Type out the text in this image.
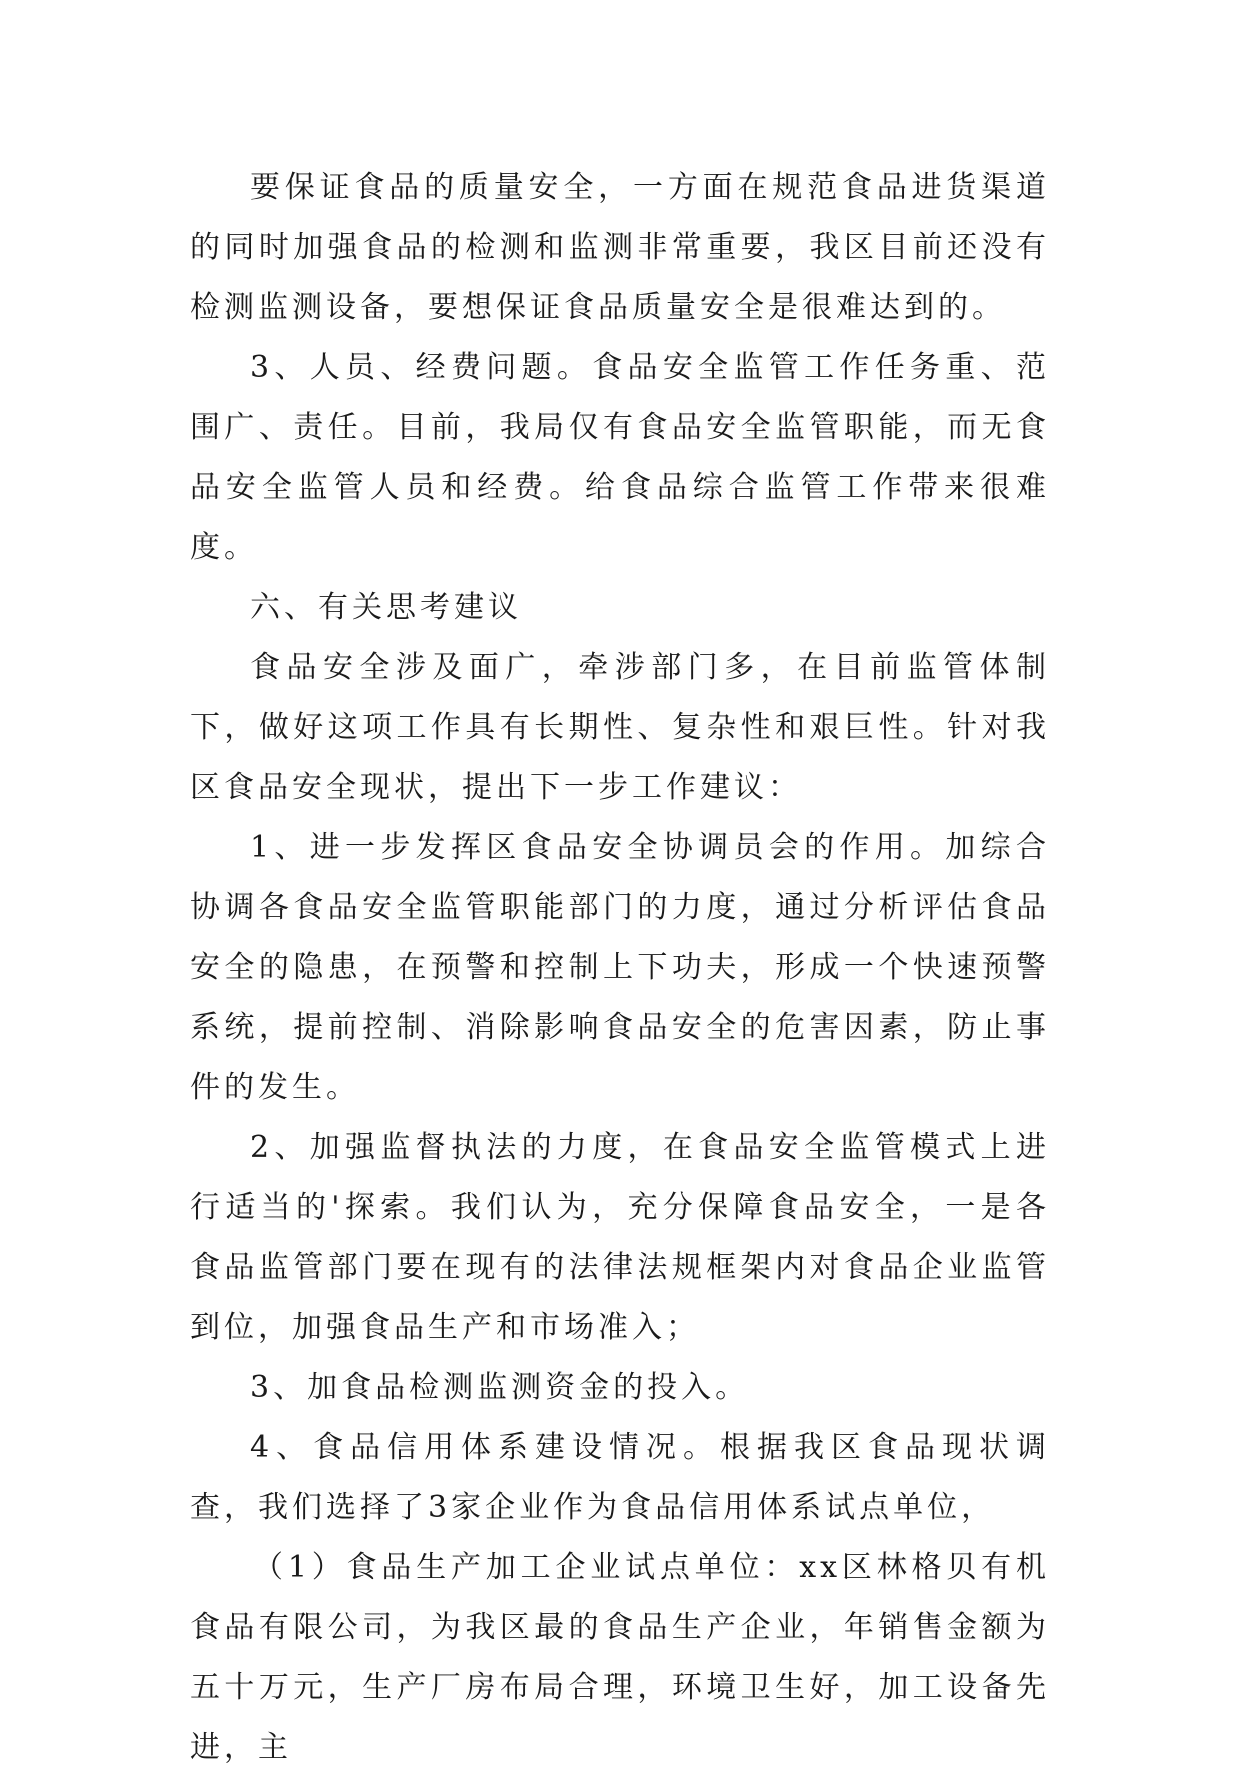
要保证食品的质量安全，一方面在规范食品进货渠道的同时加强食品的检测和监测非常重要，我区目前还没有检测监测设备，要想保证食品质量安全是很难达到的。

3、人员、经费问题。食品安全监管工作任务重、范围广、责任。目前，我局仅有食品安全监管职能，而无食品安全监管人员和经费。给食品综合监管工作带来很难度。

六、有关思考建议

食品安全涉及面广，牵涉部门多，在目前监管体制下，做好这项工作具有长期性、复杂性和艰巨性。针对我区食品安全现状，提出下一步工作建议：

1、进一步发挥区食品安全协调员会的作用。加综合协调各食品安全监管职能部门的力度，通过分析评估食品安全的隐患，在预警和控制上下功夫，形成一个快速预警系统，提前控制、消除影响食品安全的危害因素，防止事件的发生。

2、加强监督执法的力度，在食品安全监管模式上进行适当的'探索。我们认为，充分保障食品安全，一是各食品监管部门要在现有的法律法规框架内对食品企业监管到位，加强食品生产和市场准入；

3、加食品检测监测资金的投入。

4、食品信用体系建设情况。根据我区食品现状调查，我们选择了3家企业作为食品信用体系试点单位，

（1）食品生产加工企业试点单位：xx区林格贝有机食品有限公司，为我区最的食品生产企业，年销售金额为五十万元，生产厂房布局合理，环境卫生好，加工设备先进，主
